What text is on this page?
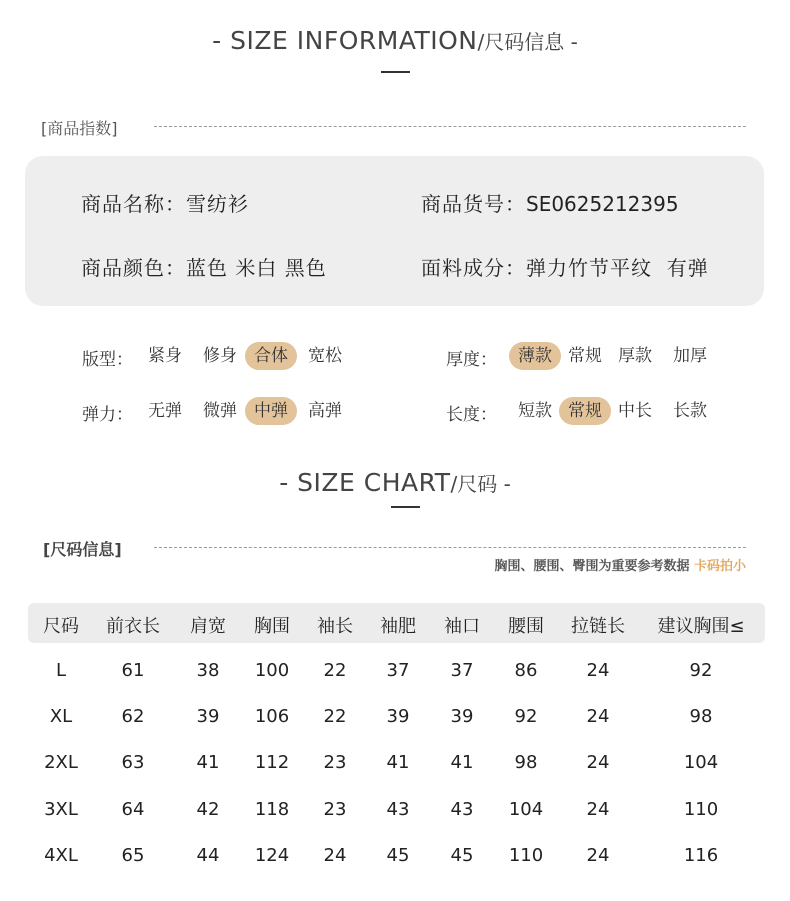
- SIZE INFORMATION/尺码信息 -
[商品指数]
商品名称：雪纺衫	商品货号：SE0625212395
商品颜色：蓝色 米白 黑色	面料成分：弹力竹节平纹  有弹
版型： 紧身	修身	合体	宽松	厚度：	薄款 常规 厚款	加厚
弹力： 无弹	微弹	中弹	高弹	长度：	短款 常规 中长	长款
- SIZE CHART/尺码 -
[尺码信息]
胸围、腰围、臀围为重要参考数据 卡码拍小
尺码 前衣长 肩宽 胸围 袖长 袖肥 袖口 腰围 拉链长 建议胸围≤
L	61	38 100 22 37 37 86	24	92
XL	62	39 106 22 39 39 92	24	98
2XL 63	41 112 23 41 41 98	24	104
3XL 64	42 118 23 43 43 104 24	110
4XL 65	44 124 24 45 45 110 24	116
